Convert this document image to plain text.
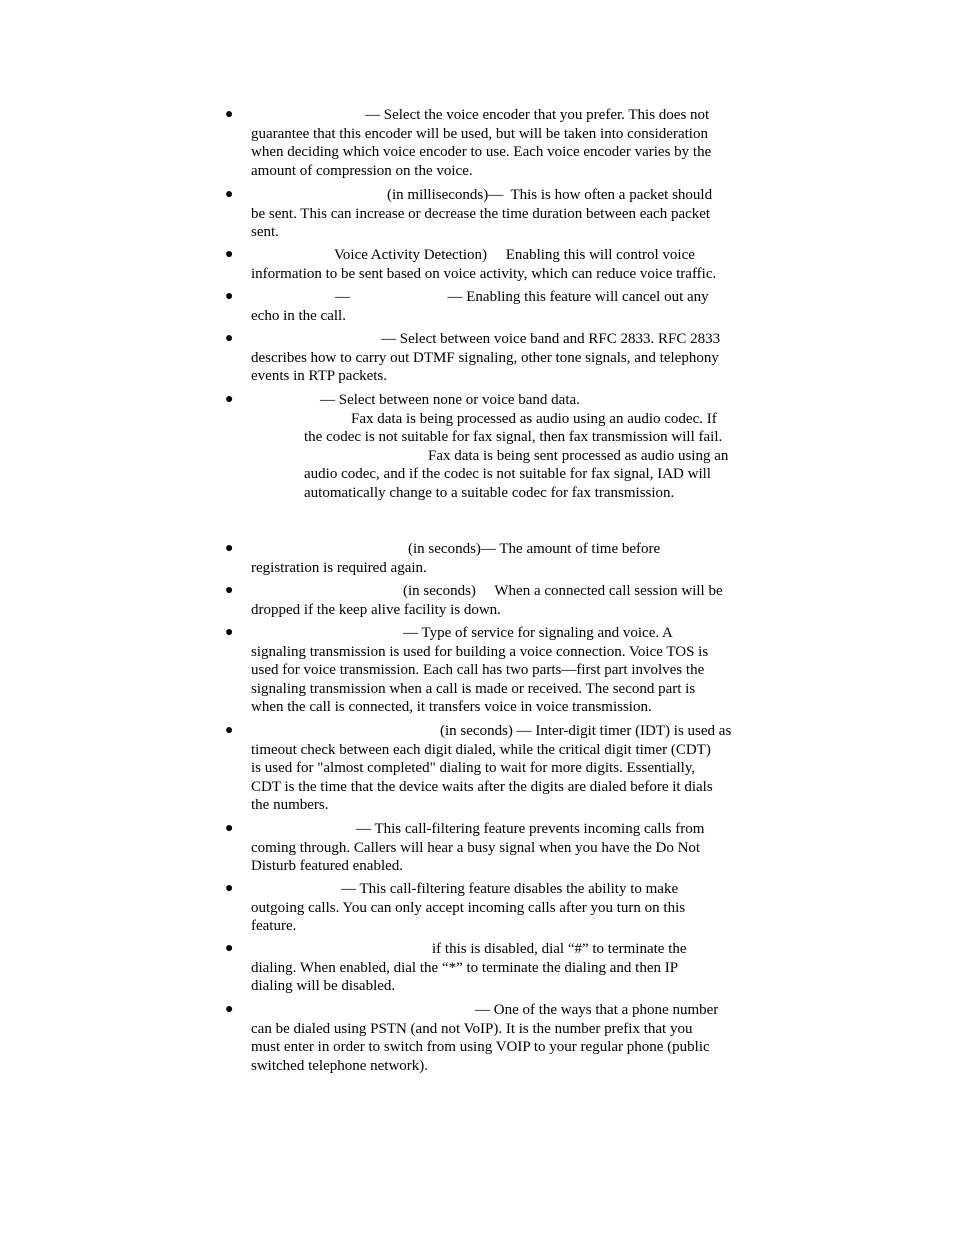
●	— Select the voice encoder that you prefer. This does not
guarantee that this encoder will be used, but will be taken into consideration
when deciding which voice encoder to use. Each voice encoder varies by the
amount of compression on the voice.
●	(in milliseconds)—  This is how often a packet should
be sent. This can increase or decrease the time duration between each packet
sent.
●	Voice Activity Detection)     Enabling this will control voice
information to be sent based on voice activity, which can reduce voice traffic.
●	—                          — Enabling this feature will cancel out any
echo in the call.
●	— Select between voice band and RFC 2833. RFC 2833
describes how to carry out DTMF signaling, other tone signals, and telephony
events in RTP packets.
●	— Select between none or voice band data.
Fax data is being processed as audio using an audio codec. If
the codec is not suitable for fax signal, then fax transmission will fail.
Fax data is being sent processed as audio using an
audio codec, and if the codec is not suitable for fax signal, IAD will
automatically change to a suitable codec for fax transmission.
●	(in seconds)— The amount of time before
registration is required again.
●	(in seconds)     When a connected call session will be
dropped if the keep alive facility is down.
●	— Type of service for signaling and voice. A
signaling transmission is used for building a voice connection. Voice TOS is
used for voice transmission. Each call has two parts—first part involves the
signaling transmission when a call is made or received. The second part is
when the call is connected, it transfers voice in voice transmission.
●	(in seconds) — Inter-digit timer (IDT) is used as
timeout check between each digit dialed, while the critical digit timer (CDT)
is used for "almost completed" dialing to wait for more digits. Essentially,
CDT is the time that the device waits after the digits are dialed before it dials
the numbers.
●	— This call-filtering feature prevents incoming calls from
coming through. Callers will hear a busy signal when you have the Do Not
Disturb featured enabled.
●	— This call-filtering feature disables the ability to make
outgoing calls. You can only accept incoming calls after you turn on this
feature.
●	if this is disabled, dial “#” to terminate the
dialing. When enabled, dial the “*” to terminate the dialing and then IP
dialing will be disabled.
●	— One of the ways that a phone number
can be dialed using PSTN (and not VoIP). It is the number prefix that you
must enter in order to switch from using VOIP to your regular phone (public
switched telephone network).
